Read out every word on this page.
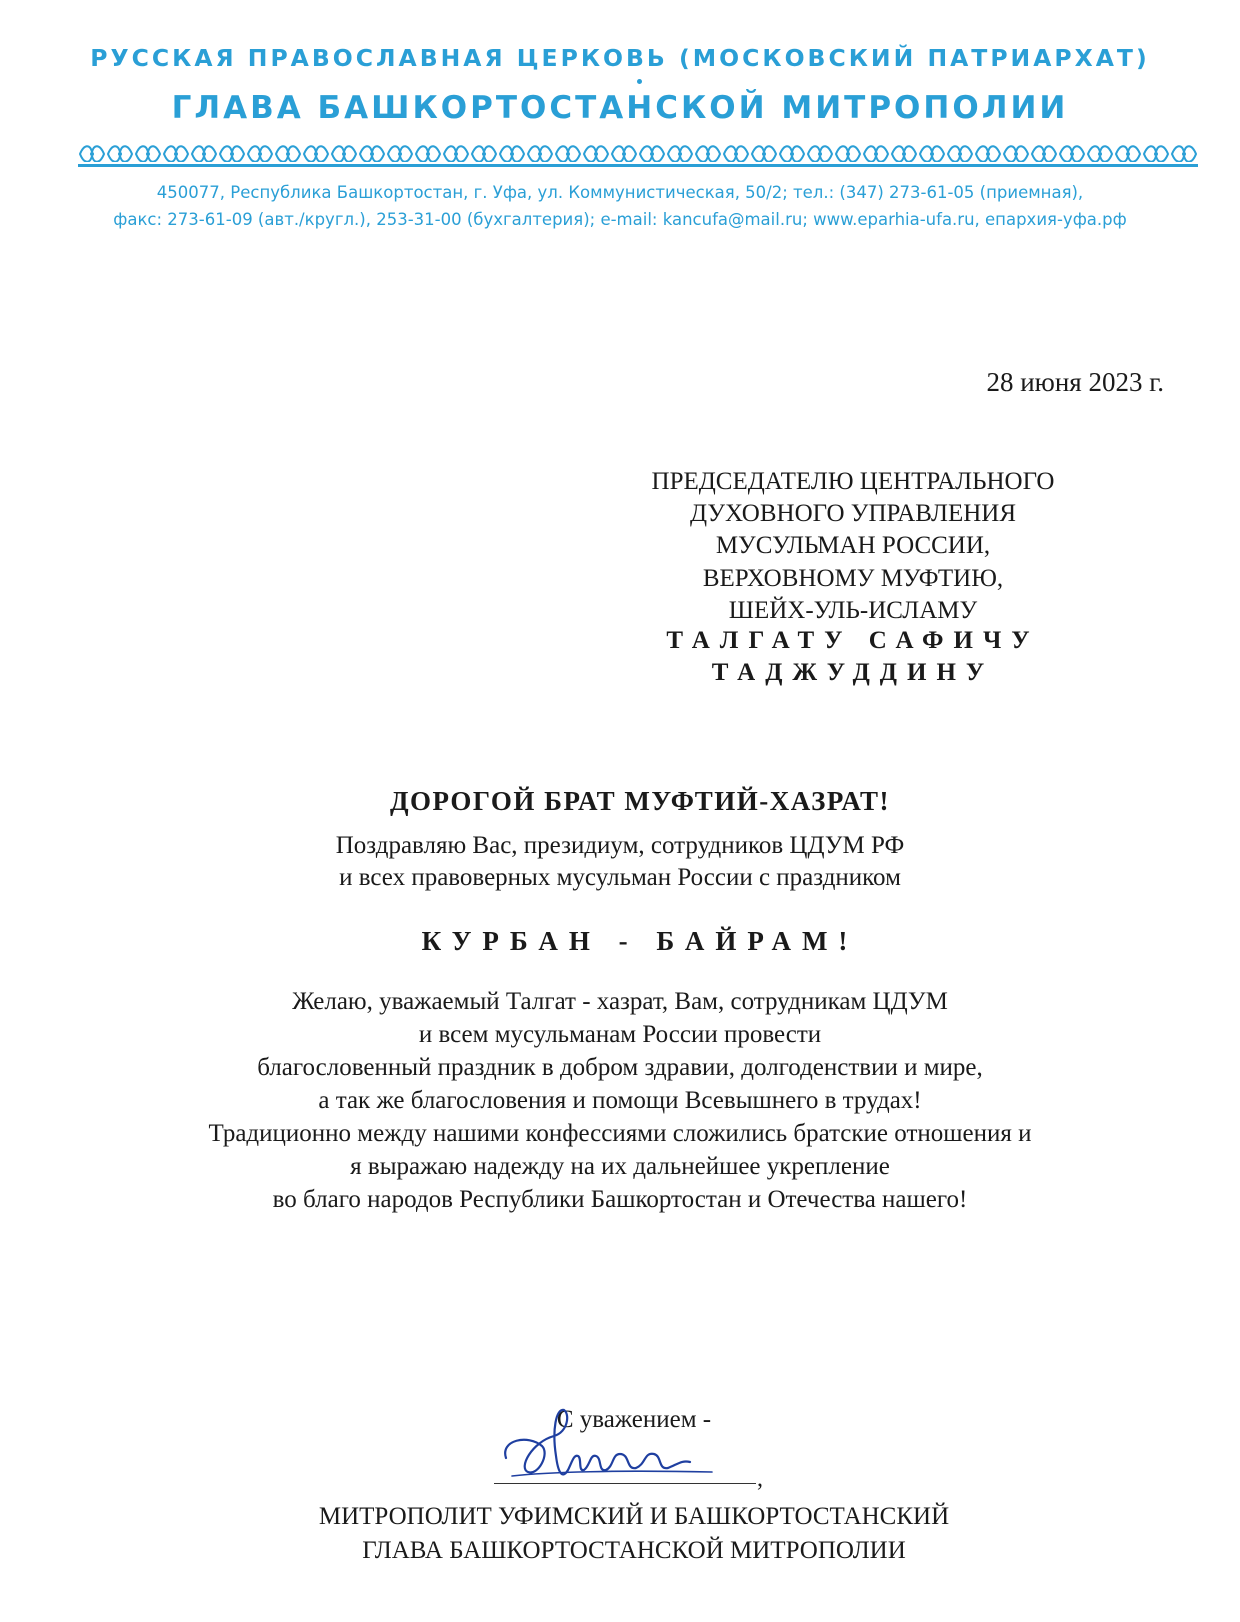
РУССКАЯ ПРАВОСЛАВНАЯ ЦЕРКОВЬ (МОСКОВСКИЙ ПАТРИАРХАТ)
ГЛАВА БАШКОРТОСТАНСКОЙ МИТРОПОЛИИ
450077, Республика Башкортостан, г. Уфа, ул. Коммунистическая, 50/2; тел.: (347) 273-61-05 (приемная),
факс: 273-61-09 (авт./кругл.), 253-31-00 (бухгалтерия); e-mail: kancufa@mail.ru; www.eparhia-ufa.ru, епархия-уфа.рф
28 июня 2023 г.
ПРЕДСЕДАТЕЛЮ ЦЕНТРАЛЬНОГО
ДУХОВНОГО УПРАВЛЕНИЯ
МУСУЛЬМАН РОССИИ,
ВЕРХОВНОМУ МУФТИЮ,
ШЕЙХ-УЛЬ-ИСЛАМУ
ТАЛГАТУ САФИЧУ
ТАДЖУДДИНУ
ДОРОГОЙ БРАТ МУФТИЙ-ХАЗРАТ!
Поздравляю Вас, президиум, сотрудников ЦДУМ РФ
и всех правоверных мусульман России с праздником
КУРБАН - БАЙРАМ!
Желаю, уважаемый Талгат - хазрат, Вам, сотрудникам ЦДУМ
и всем мусульманам России провести
благословенный праздник в добром здравии, долгоденствии и мире,
а так же благословения и помощи Всевышнего в трудах!
Традиционно между нашими конфессиями сложились братские отношения и
я выражаю надежду на их дальнейшее укрепление
во благо народов Республики Башкортостан и Отечества нашего!
С уважением -
,
МИТРОПОЛИТ УФИМСКИЙ И БАШКОРТОСТАНСКИЙ
ГЛАВА БАШКОРТОСТАНСКОЙ МИТРОПОЛИИ
